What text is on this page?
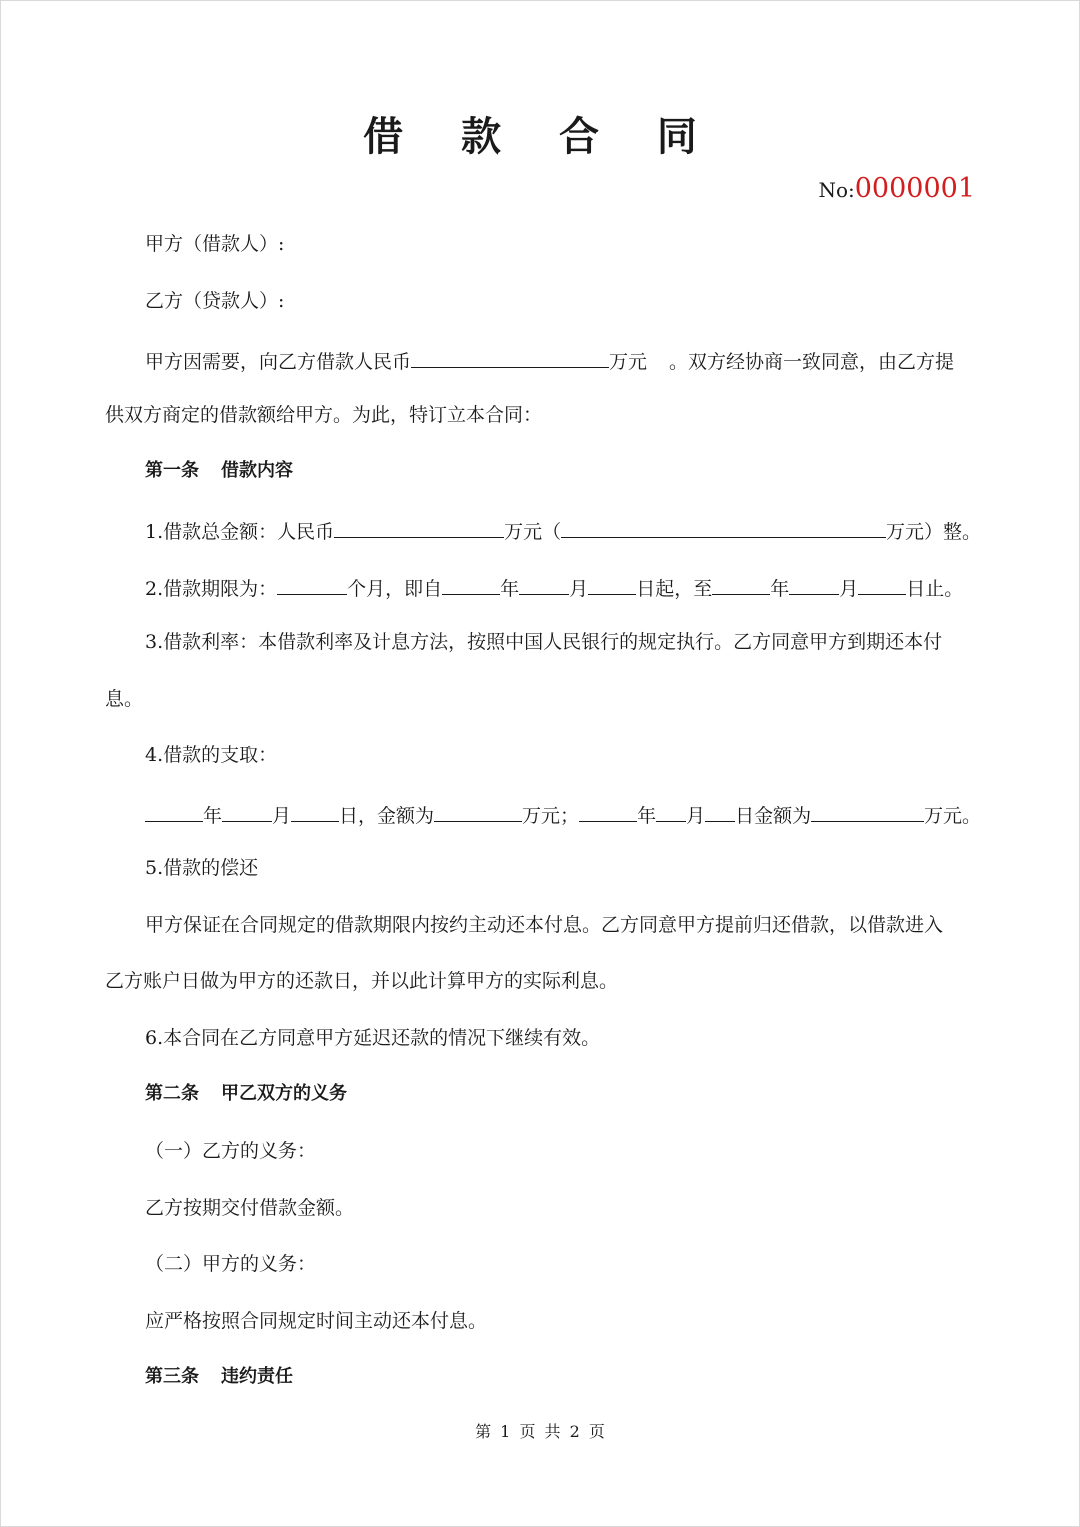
借 款 合 同
No:0000001
甲方（借款人）:
乙方（贷款人）:
甲方因需要，向乙方借款人民币	万元 。双方经协商一致同意，由乙方提
供双方商定的借款额给甲方。为此，特订立本合同：
第一条 借款内容
1.借款总金额：人民币	万元（	万元）整。
2.借款期限为：	个月，即自	年	月	日起，至	年	月	日止。
3.借款利率：本借款利率及计息方法，按照中国人民银行的规定执行。乙方同意甲方到期还本付
息。
4.借款的支取：
年	月	日，金额为	万元；	年 月 日金额为	万元。
5.借款的偿还
甲方保证在合同规定的借款期限内按约主动还本付息。乙方同意甲方提前归还借款，以借款进入
乙方账户日做为甲方的还款日，并以此计算甲方的实际利息。
6.本合同在乙方同意甲方延迟还款的情况下继续有效。
第二条 甲乙双方的义务
（一）乙方的义务：
乙方按期交付借款金额。
（二）甲方的义务：
应严格按照合同规定时间主动还本付息。
第三条 违约责任
第 1 页 共 2 页
